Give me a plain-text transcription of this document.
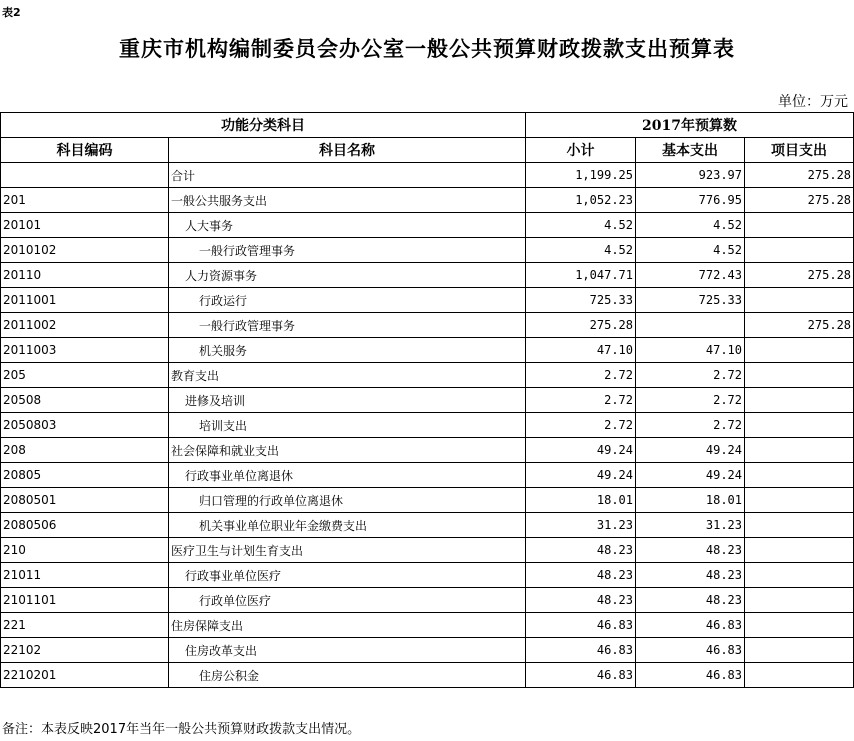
表2
重庆市机构编制委员会办公室一般公共预算财政拨款支出预算表
单位：万元
功能分类科目		2017年预算数		
科目编码	科目名称	小计	基本支出	项目支出
	合计	1,199.25	923.97	275.28
201	一般公共服务支出	1,052.23	776.95	275.28
20101	人大事务	4.52	4.52	
2010102	一般行政管理事务	4.52	4.52	
20110	人力资源事务	1,047.71	772.43	275.28
2011001	行政运行	725.33	725.33	
2011002	一般行政管理事务	275.28		275.28
2011003	机关服务	47.10	47.10	
205	教育支出	2.72	2.72	
20508	进修及培训	2.72	2.72	
2050803	培训支出	2.72	2.72	
208	社会保障和就业支出	49.24	49.24	
20805	行政事业单位离退休	49.24	49.24	
2080501	归口管理的行政单位离退休	18.01	18.01	
2080506	机关事业单位职业年金缴费支出	31.23	31.23	
210	医疗卫生与计划生育支出	48.23	48.23	
21011	行政事业单位医疗	48.23	48.23	
2101101	行政单位医疗	48.23	48.23	
221	住房保障支出	46.83	46.83	
22102	住房改革支出	46.83	46.83	
2210201	住房公积金	46.83	46.83	
备注：本表反映2017年当年一般公共预算财政拨款支出情况。
